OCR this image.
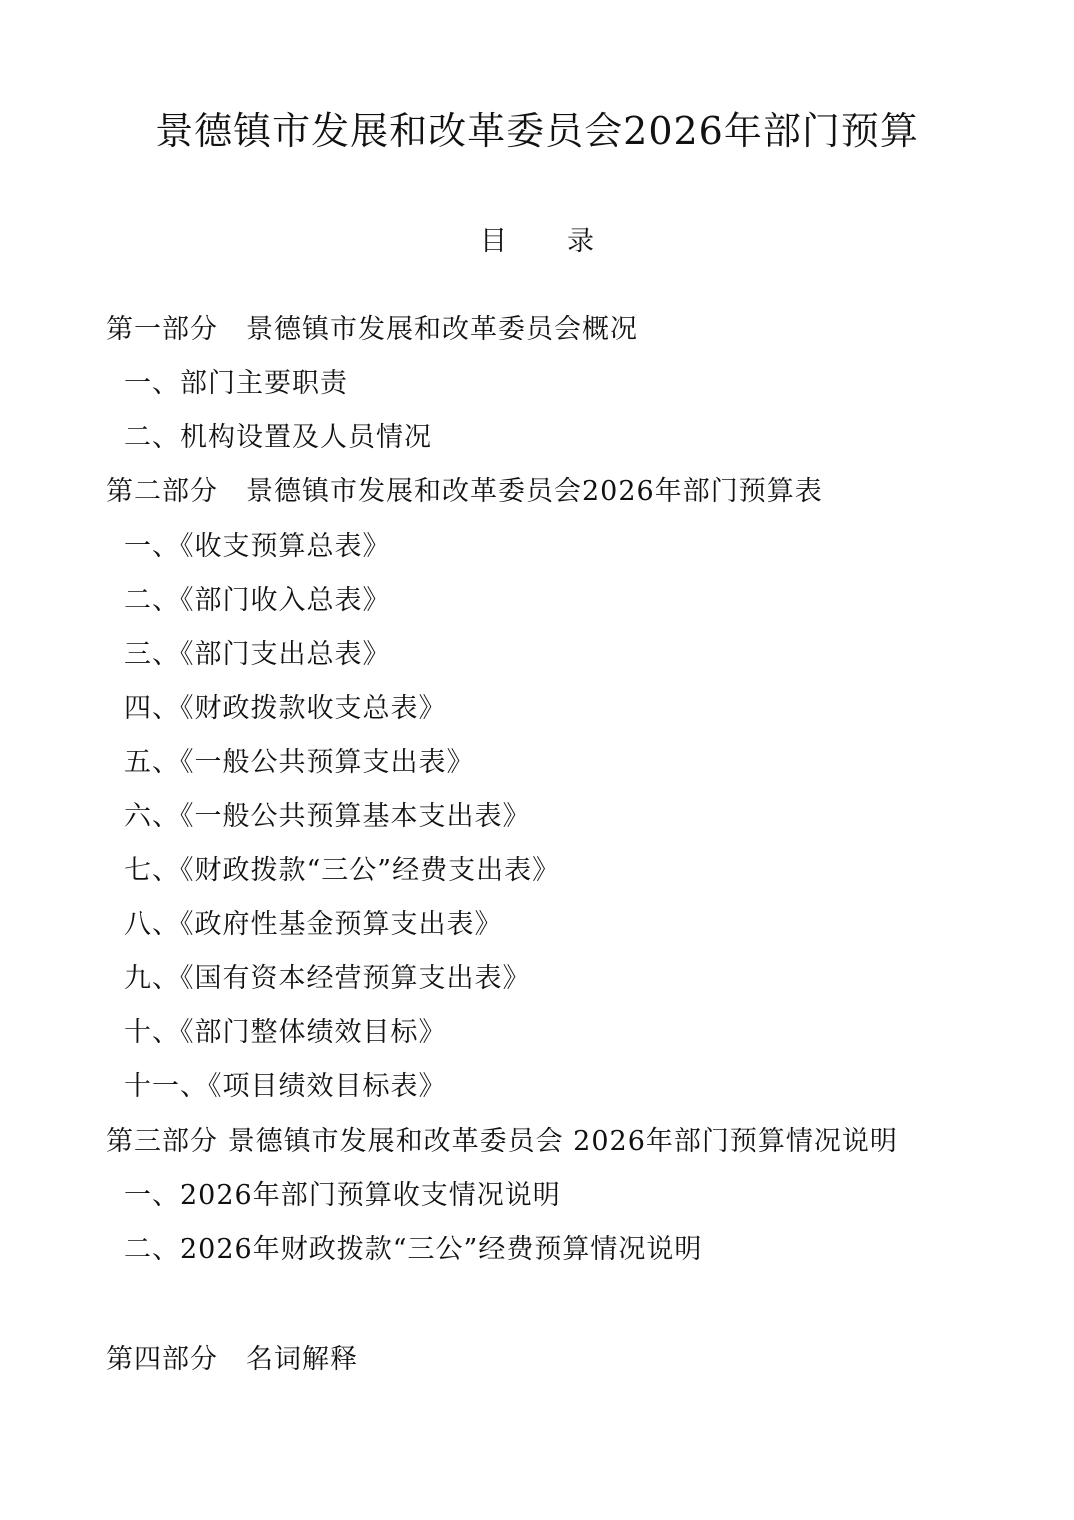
景德镇市发展和改革委员会2026年部门预算
目 录
第一部分　景德镇市发展和改革委员会概况
一、部门主要职责
二、机构设置及人员情况
第二部分　景德镇市发展和改革委员会2026年部门预算表
一、《收支预算总表》
二、《部门收入总表》
三、《部门支出总表》
四、《财政拨款收支总表》
五、《一般公共预算支出表》
六、《一般公共预算基本支出表》
七、《财政拨款“三公”经费支出表》
八、《政府性基金预算支出表》
九、《国有资本经营预算支出表》
十、《部门整体绩效目标》
十一、《项目绩效目标表》
第三部分 景德镇市发展和改革委员会 2026年部门预算情况说明
一、2026年部门预算收支情况说明
二、2026年财政拨款“三公”经费预算情况说明
第四部分　名词解释
